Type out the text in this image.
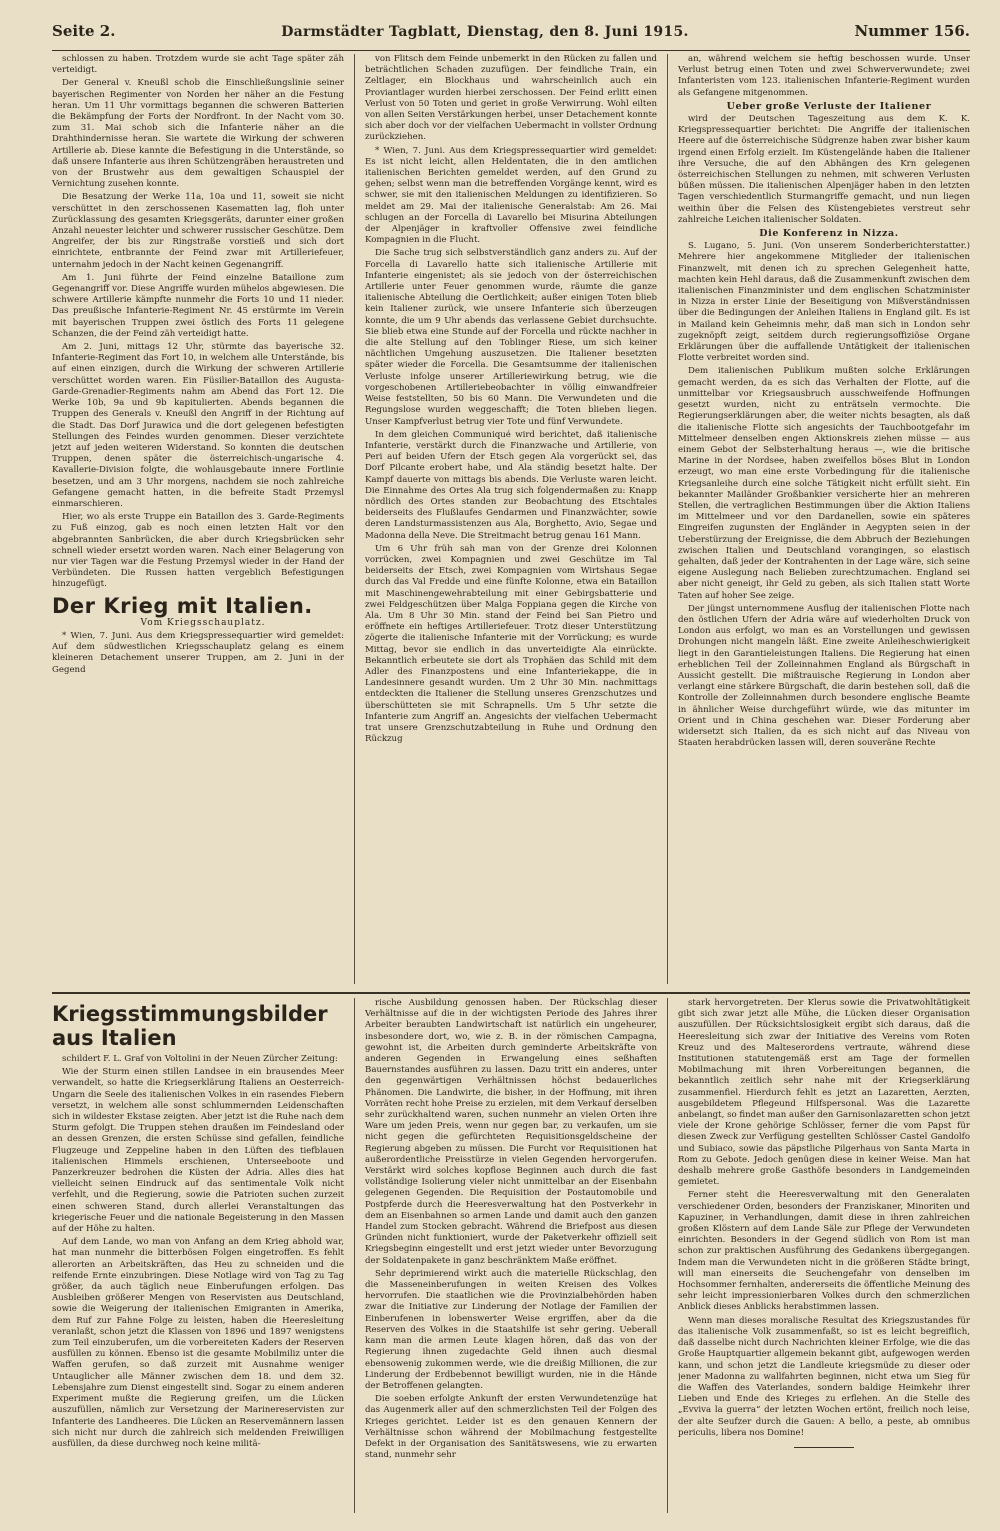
Seite 2.	Darmstädter Tagblatt, Dienstag, den 8. Juni 1915.	Nummer 156.

schlossen zu haben. Trotzdem wurde sie acht Tage später zäh verteidigt.

Der General v. Kneußl schob die Einschließungslinie seiner bayerischen Regimenter von Norden her näher an die Festung heran. Um 11 Uhr vormittags begannen die schweren Batterien die Bekämpfung der Forts der Nordfront. In der Nacht vom 30. zum 31. Mai schob sich die Infanterie näher an die Drahthindernisse heran. Sie wartete die Wirkung der schweren Artillerie ab. Diese kannte die Befestigung in die Unterstände, so daß unsere Infanterie aus ihren Schützengräben heraustreten und von der Brustwehr aus dem gewaltigen Schauspiel der Vernichtung zusehen konnte.

Die Besatzung der Werke 11a, 10a und 11, soweit sie nicht verschüttet in den zerschossenen Kasematten lag, floh unter Zurücklassung des gesamten Kriegsgeräts, darunter einer großen Anzahl neuester leichter und schwerer russischer Geschütze. Dem Angreifer, der bis zur Ringstraße vorstieß und sich dort einrichtete, entbrannte der Feind zwar mit Artilleriefeuer, unternahm jedoch in der Nacht keinen Gegenangriff.

Am 1. Juni führte der Feind einzelne Bataillone zum Gegenangriff vor. Diese Angriffe wurden mühelos abgewiesen. Die schwere Artillerie kämpfte nunmehr die Forts 10 und 11 nieder. Das preußische Infanterie-Regiment Nr. 45 erstürmte im Verein mit bayerischen Truppen zwei östlich des Forts 11 gelegene Schanzen, die der Feind zäh verteidigt hatte.

Am 2. Juni, mittags 12 Uhr, stürmte das bayerische 32. Infanterie-Regiment das Fort 10, in welchem alle Unterstände, bis auf einen einzigen, durch die Wirkung der schweren Artillerie verschüttet worden waren. Ein Füsilier-Bataillon des Augusta-Garde-Grenadier-Regiments nahm am Abend das Fort 12. Die Werke 10b, 9a und 9b kapitulierten. Abends begannen die Truppen des Generals v. Kneußl den Angriff in der Richtung auf die Stadt. Das Dorf Jurawica und die dort gelegenen befestigten Stellungen des Feindes wurden genommen. Dieser verzichtete jetzt auf jeden weiteren Widerstand. So konnten die deutschen Truppen, denen später die österreichisch-ungarische 4. Kavallerie-Division folgte, die wohlausgebaute innere Fortlinie besetzen, und am 3 Uhr morgens, nachdem sie noch zahlreiche Gefangene gemacht hatten, in die befreite Stadt Przemysl einmarschieren.

Hier, wo als erste Truppe ein Bataillon des 3. Garde-Regiments zu Fuß einzog, gab es noch einen letzten Halt vor den abgebrannten Sanbrücken, die aber durch Kriegsbrücken sehr schnell wieder ersetzt worden waren. Nach einer Belagerung von nur vier Tagen war die Festung Przemysl wieder in der Hand der Verbündeten. Die Russen hatten vergeblich Befestigungen hinzugefügt.

Der Krieg mit Italien.

Vom Kriegsschauplatz.

* Wien, 7. Juni. Aus dem Kriegspressequartier wird gemeldet: Auf dem südwestlichen Kriegsschauplatz gelang es einem kleineren Detachement unserer Truppen, am 2. Juni in der Gegend

von Flitsch dem Feinde unbemerkt in den Rücken zu fallen und beträchtlichen Schaden zuzufügen. Der feindliche Train, ein Zeltlager, ein Blockhaus und wahrscheinlich auch ein Proviantlager wurden hierbei zerschossen. Der Feind erlitt einen Verlust von 50 Toten und geriet in große Verwirrung. Wohl eilten von allen Seiten Verstärkungen herbei, unser Detachement konnte sich aber doch vor der vielfachen Uebermacht in vollster Ordnung zurückziehen.

* Wien, 7. Juni. Aus dem Kriegspressequartier wird gemeldet: Es ist nicht leicht, allen Heldentaten, die in den amtlichen italienischen Berichten gemeldet werden, auf den Grund zu gehen; selbst wenn man die betreffenden Vorgänge kennt, wird es schwer, sie mit den italienischen Meldungen zu identifizieren. So meldet am 29. Mai der italienische Generalstab: Am 26. Mai schlugen an der Forcella di Lavarello bei Misurina Abteilungen der Alpenjäger in kraftvoller Offensive zwei feindliche Kompagnien in die Flucht.

Die Sache trug sich selbstverständlich ganz anders zu. Auf der Forcella di Lavarello hatte sich italienische Artillerie mit Infanterie eingenistet; als sie jedoch von der österreichischen Artillerie unter Feuer genommen wurde, räumte die ganze italienische Abteilung die Oertlichkeit; außer einigen Toten blieb kein Italiener zurück, wie unsere Infanterie sich überzeugen konnte, die um 9 Uhr abends das verlassene Gebiet durchsuchte. Sie blieb etwa eine Stunde auf der Forcella und rückte nachher in die alte Stellung auf den Toblinger Riese, um sich keiner nächtlichen Umgehung auszusetzen. Die Italiener besetzten später wieder die Forcella. Die Gesamtsumme der italienischen Verluste infolge unserer Artilleriewirkung betrug, wie die vorgeschobenen Artilleriebeobachter in völlig einwandfreier Weise feststellten, 50 bis 60 Mann. Die Verwundeten und die Regungslose wurden weggeschafft; die Toten blieben liegen. Unser Kampfverlust betrug vier Tote und fünf Verwundete.

In dem gleichen Communiqué wird berichtet, daß italienische Infanterie, verstärkt durch die Finanzwache und Artillerie, von Peri auf beiden Ufern der Etsch gegen Ala vorgerückt sei, das Dorf Pilcante erobert habe, und Ala ständig besetzt halte. Der Kampf dauerte von mittags bis abends. Die Verluste waren leicht. Die Einnahme des Ortes Ala trug sich folgendermaßen zu: Knapp nördlich des Ortes standen zur Beobachtung des Etschtales beiderseits des Flußlaufes Gendarmen und Finanzwächter, sowie deren Landsturmassistenzen aus Ala, Borghetto, Avio, Segae und Madonna della Neve. Die Streitmacht betrug genau 161 Mann.

Um 6 Uhr früh sah man von der Grenze drei Kolonnen vorrücken, zwei Kompagnien und zwei Geschütze im Tal beiderseits der Etsch, zwei Kompagnien vom Wirtshaus Segae durch das Val Fredde und eine fünfte Kolonne, etwa ein Bataillon mit Maschinengewehrabteilung mit einer Gebirgsbatterie und zwei Feldgeschützen über Malga Foppiana gegen die Kirche von Ala. Um 8 Uhr 30 Min. stand der Feind bei San Pietro und eröffnete ein heftiges Artilleriefeuer. Trotz dieser Unterstützung zögerte die italienische Infanterie mit der Vorrückung; es wurde Mittag, bevor sie endlich in das unverteidigte Ala einrückte. Bekanntlich erbeutete sie dort als Trophäen das Schild mit dem Adler des Finanzpostens und eine Infanteriekappe, die in Landesinnere gesandt wurden. Um 2 Uhr 30 Min. nachmittags entdeckten die Italiener die Stellung unseres Grenzschutzes und überschütteten sie mit Schrapnells. Um 5 Uhr setzte die Infanterie zum Angriff an. Angesichts der vielfachen Uebermacht trat unsere Grenzschutzabteilung in Ruhe und Ordnung den Rückzug

an, während welchem sie heftig beschossen wurde. Unser Verlust betrug einen Toten und zwei Schwerverwundete; zwei Infanteristen vom 123. italienischen Infanterie-Regiment wurden als Gefangene mitgenommen.

Ueber große Verluste der Italiener

wird der Deutschen Tageszeitung aus dem K. K. Kriegspressequartier berichtet: Die Angriffe der italienischen Heere auf die österreichische Südgrenze haben zwar bisher kaum irgend einen Erfolg erzielt. Im Küstengelände haben die Italiener ihre Versuche, die auf den Abhängen des Krn gelegenen österreichischen Stellungen zu nehmen, mit schweren Verlusten büßen müssen. Die italienischen Alpenjäger haben in den letzten Tagen verschiedentlich Sturmangriffe gemacht, und nun liegen weithin über die Felsen des Küstengebietes verstreut sehr zahlreiche Leichen italienischer Soldaten.

Die Konferenz in Nizza.

S. Lugano, 5. Juni. (Von unserem Sonderberichterstatter.) Mehrere hier angekommene Mitglieder der italienischen Finanzwelt, mit denen ich zu sprechen Gelegenheit hatte, machten kein Hehl daraus, daß die Zusammenkunft zwischen dem italienischen Finanzminister und dem englischen Schatzminister in Nizza in erster Linie der Beseitigung von Mißverständnissen über die Bedingungen der Anleihen Italiens in England gilt. Es ist in Mailand kein Geheimnis mehr, daß man sich in London sehr zugeknöpft zeigt, seitdem durch regierungsoffiziöse Organe Erklärungen über die auffallende Untätigkeit der italienischen Flotte verbreitet worden sind.

Dem italienischen Publikum mußten solche Erklärungen gemacht werden, da es sich das Verhalten der Flotte, auf die unmittelbar vor Kriegsausbruch ausschweifende Hoffnungen gesetzt wurden, nicht zu enträtseln vermochte. Die Regierungserklärungen aber, die weiter nichts besagten, als daß die italienische Flotte sich angesichts der Tauchbootgefahr im Mittelmeer denselben engen Aktionskreis ziehen müsse — aus einem Gebot der Selbsterhaltung heraus —, wie die britische Marine in der Nordsee, haben zweifellos böses Blut in London erzeugt, wo man eine erste Vorbedingung für die italienische Kriegsanleihe durch eine solche Tätigkeit nicht erfüllt sieht. Ein bekannter Mailänder Großbankier versicherte hier an mehreren Stellen, die vertraglichen Bestimmungen über die Aktion Italiens im Mittelmeer und vor den Dardanellen, sowie ein späteres Eingreifen zugunsten der Engländer in Aegypten seien in der Ueberstürzung der Ereignisse, die dem Abbruch der Beziehungen zwischen Italien und Deutschland vorangingen, so elastisch gehalten, daß jeder der Kontrahenten in der Lage wäre, sich seine eigene Auslegung nach Belieben zurechtzumachen. England sei aber nicht geneigt, ihr Geld zu geben, als sich Italien statt Worte Taten auf hoher See zeige.

Der jüngst unternommene Ausflug der italienischen Flotte nach den östlichen Ufern der Adria wäre auf wiederholten Druck von London aus erfolgt, wo man es an Vorstellungen und gewissen Drohungen nicht mangeln läßt. Eine zweite Anleiheschwierigkeit liegt in den Garantieleistungen Italiens. Die Regierung hat einen erheblichen Teil der Zolleinnahmen England als Bürgschaft in Aussicht gestellt. Die mißtrauische Regierung in London aber verlangt eine stärkere Bürgschaft, die darin bestehen soll, daß die Kontrolle der Zolleinnahmen durch besondere englische Beamte in ähnlicher Weise durchgeführt würde, wie das mitunter im Orient und in China geschehen war. Dieser Forderung aber widersetzt sich Italien, da es sich nicht auf das Niveau von Staaten herabdrücken lassen will, deren souveräne Rechte

Kriegsstimmungsbilder aus Italien

schildert F. L. Graf von Voltolini in der Neuen Zürcher Zeitung:

Wie der Sturm einen stillen Landsee in ein brausendes Meer verwandelt, so hatte die Kriegserklärung Italiens an Oesterreich-Ungarn die Seele des italienischen Volkes in ein rasendes Fiebern versetzt, in welchem alle sonst schlummernden Leidenschaften sich in wildester Ekstase zeigten. Aber jetzt ist die Ruhe nach dem Sturm gefolgt. Die Truppen stehen draußen im Feindesland oder an dessen Grenzen, die ersten Schüsse sind gefallen, feindliche Flugzeuge und Zeppeline haben in den Lüften des tiefblauen italienischen Himmels erschienen, Unterseeboote und Panzerkreuzer bedrohen die Küsten der Adria. Alles dies hat vielleicht seinen Eindruck auf das sentimentale Volk nicht verfehlt, und die Regierung, sowie die Patrioten suchen zurzeit einen schweren Stand, durch allerlei Veranstaltungen das kriegerische Feuer und die nationale Begeisterung in den Massen auf der Höhe zu halten.

Auf dem Lande, wo man von Anfang an dem Krieg abhold war, hat man nunmehr die bitterbösen Folgen eingetroffen. Es fehlt allerorten an Arbeitskräften, das Heu zu schneiden und die reifende Ernte einzubringen. Diese Notlage wird von Tag zu Tag größer, da auch täglich neue Einberufungen erfolgen. Das Ausbleiben größerer Mengen von Reservisten aus Deutschland, sowie die Weigerung der italienischen Emigranten in Amerika, dem Ruf zur Fahne Folge zu leisten, haben die Heeresleitung veranlaßt, schon jetzt die Klassen von 1896 und 1897 wenigstens zum Teil einzuberufen, um die vorbereiteten Kaders der Reserven ausfüllen zu können. Ebenso ist die gesamte Mobilmiliz unter die Waffen gerufen, so daß zurzeit mit Ausnahme weniger Untauglicher alle Männer zwischen dem 18. und dem 32. Lebensjahre zum Dienst eingestellt sind. Sogar zu einem anderen Experiment mußte die Regierung greifen, um die Lücken auszufüllen, nämlich zur Versetzung der Marinereservisten zur Infanterie des Landheeres. Die Lücken an Reservemännern lassen sich nicht nur durch die zahlreich sich meldenden Freiwilligen ausfüllen, da diese durchweg noch keine militä-

rische Ausbildung genossen haben. Der Rückschlag dieser Verhältnisse auf die in der wichtigsten Periode des Jahres ihrer Arbeiter beraubten Landwirtschaft ist natürlich ein ungeheurer, insbesondere dort, wo, wie z. B. in der römischen Campagna, gewohnt ist, die Arbeiten durch geminderte Arbeitskräfte von anderen Gegenden in Erwangelung eines seßhaften Bauernstandes ausführen zu lassen. Dazu tritt ein anderes, unter den gegenwärtigen Verhältnissen höchst bedauerliches Phänomen. Die Landwirte, die bisher, in der Hoffnung, mit ihren Vorräten recht hohe Preise zu erzielen, mit dem Verkauf derselben sehr zurückhaltend waren, suchen nunmehr an vielen Orten ihre Ware um jeden Preis, wenn nur gegen bar, zu verkaufen, um sie nicht gegen die gefürchteten Requisitionsgeldscheine der Regierung abgeben zu müssen. Die Furcht vor Requisitionen hat außerordentliche Preisstürze in vielen Gegenden hervorgerufen. Verstärkt wird solches kopflose Beginnen auch durch die fast vollständige Isolierung vieler nicht unmittelbar an der Eisenbahn gelegenen Gegenden. Die Requisition der Postautomobile und Postpferde durch die Heeresverwaltung hat den Postverkehr in dem an Eisenbahnen so armen Lande und damit auch den ganzen Handel zum Stocken gebracht. Während die Briefpost aus diesen Gründen nicht funktioniert, wurde der Paketverkehr offiziell seit Kriegsbeginn eingestellt und erst jetzt wieder unter Bevorzugung der Soldatenpakete in ganz beschränktem Maße eröffnet.

Sehr deprimierend wirkt auch die materielle Rückschlag, den die Masseneinberufungen in weiten Kreisen des Volkes hervorrufen. Die staatlichen wie die Provinzialbehörden haben zwar die Initiative zur Linderung der Notlage der Familien der Einberufenen in lobenswerter Weise ergriffen, aber da die Reserven des Volkes in die Staatshilfe ist sehr gering. Ueberall kann man die armen Leute klagen hören, daß das von der Regierung ihnen zugedachte Geld ihnen auch diesmal ebensowenig zukommen werde, wie die dreißig Millionen, die zur Linderung der Erdbebennot bewilligt wurden, nie in die Hände der Betroffenen gelangten.

Die soeben erfolgte Ankunft der ersten Verwundetenzüge hat das Augenmerk aller auf den schmerzlichsten Teil der Folgen des Krieges gerichtet. Leider ist es den genauen Kennern der Verhältnisse schon während der Mobilmachung festgestellte Defekt in der Organisation des Sanitätswesens, wie zu erwarten stand, nunmehr sehr

stark hervorgetreten. Der Klerus sowie die Privatwohltätigkeit gibt sich zwar jetzt alle Mühe, die Lücken dieser Organisation auszufüllen. Der Rücksichtslosigkeit ergibt sich daraus, daß die Heeresleitung sich zwar der Initiative des Vereins vom Roten Kreuz und des Malteserordens vertraute, während diese Institutionen statutengemäß erst am Tage der formellen Mobilmachung mit ihren Vorbereitungen begannen, die bekanntlich zeitlich sehr nahe mit der Kriegserklärung zusammenfiel. Hierdurch fehlt es jetzt an Lazaretten, Aerzten, ausgebildetem Pflegeund Hilfspersonal. Was die Lazarette anbelangt, so findet man außer den Garnisonlazaretten schon jetzt viele der Krone gehörige Schlösser, ferner die vom Papst für diesen Zweck zur Verfügung gestellten Schlösser Castel Gandolfo und Subiaco, sowie das päpstliche Pilgerhaus von Santa Marta in Rom zu Gebote. Jedoch genügen diese in keiner Weise. Man hat deshalb mehrere große Gasthöfe besonders in Landgemeinden gemietet.

Ferner steht die Heeresverwaltung mit den Generalaten verschiedener Orden, besonders der Franziskaner, Minoriten und Kapuziner, in Verhandlungen, damit diese in ihren zahlreichen großen Klöstern auf dem Lande Säle zur Pflege der Verwundeten einrichten. Besonders in der Gegend südlich von Rom ist man schon zur praktischen Ausführung des Gedankens übergegangen. Indem man die Verwundeten nicht in die größeren Städte bringt, will man einerseits die Seuchengefahr von denselben im Hochsommer fernhalten, andererseits die öffentliche Meinung des sehr leicht impressionierbaren Volkes durch den schmerzlichen Anblick dieses Anblicks herabstimmen lassen.

Wenn man dieses moralische Resultat des Kriegszustandes für das italienische Volk zusammenfaßt, so ist es leicht begreiflich, daß dasselbe nicht durch Nachrichten kleiner Erfolge, wie die das Große Hauptquartier allgemein bekannt gibt, aufgewogen werden kann, und schon jetzt die Landleute kriegsmüde zu dieser oder jener Madonna zu wallfahrten beginnen, nicht etwa um Sieg für die Waffen des Vaterlandes, sondern baldige Heimkehr ihrer Lieben und Ende des Krieges zu erflehen. An die Stelle des „Evviva la guerra“ der letzten Wochen ertönt, freilich noch leise, der alte Seufzer durch die Gauen: A bello, a peste, ab omnibus periculis, libera nos Domine!
